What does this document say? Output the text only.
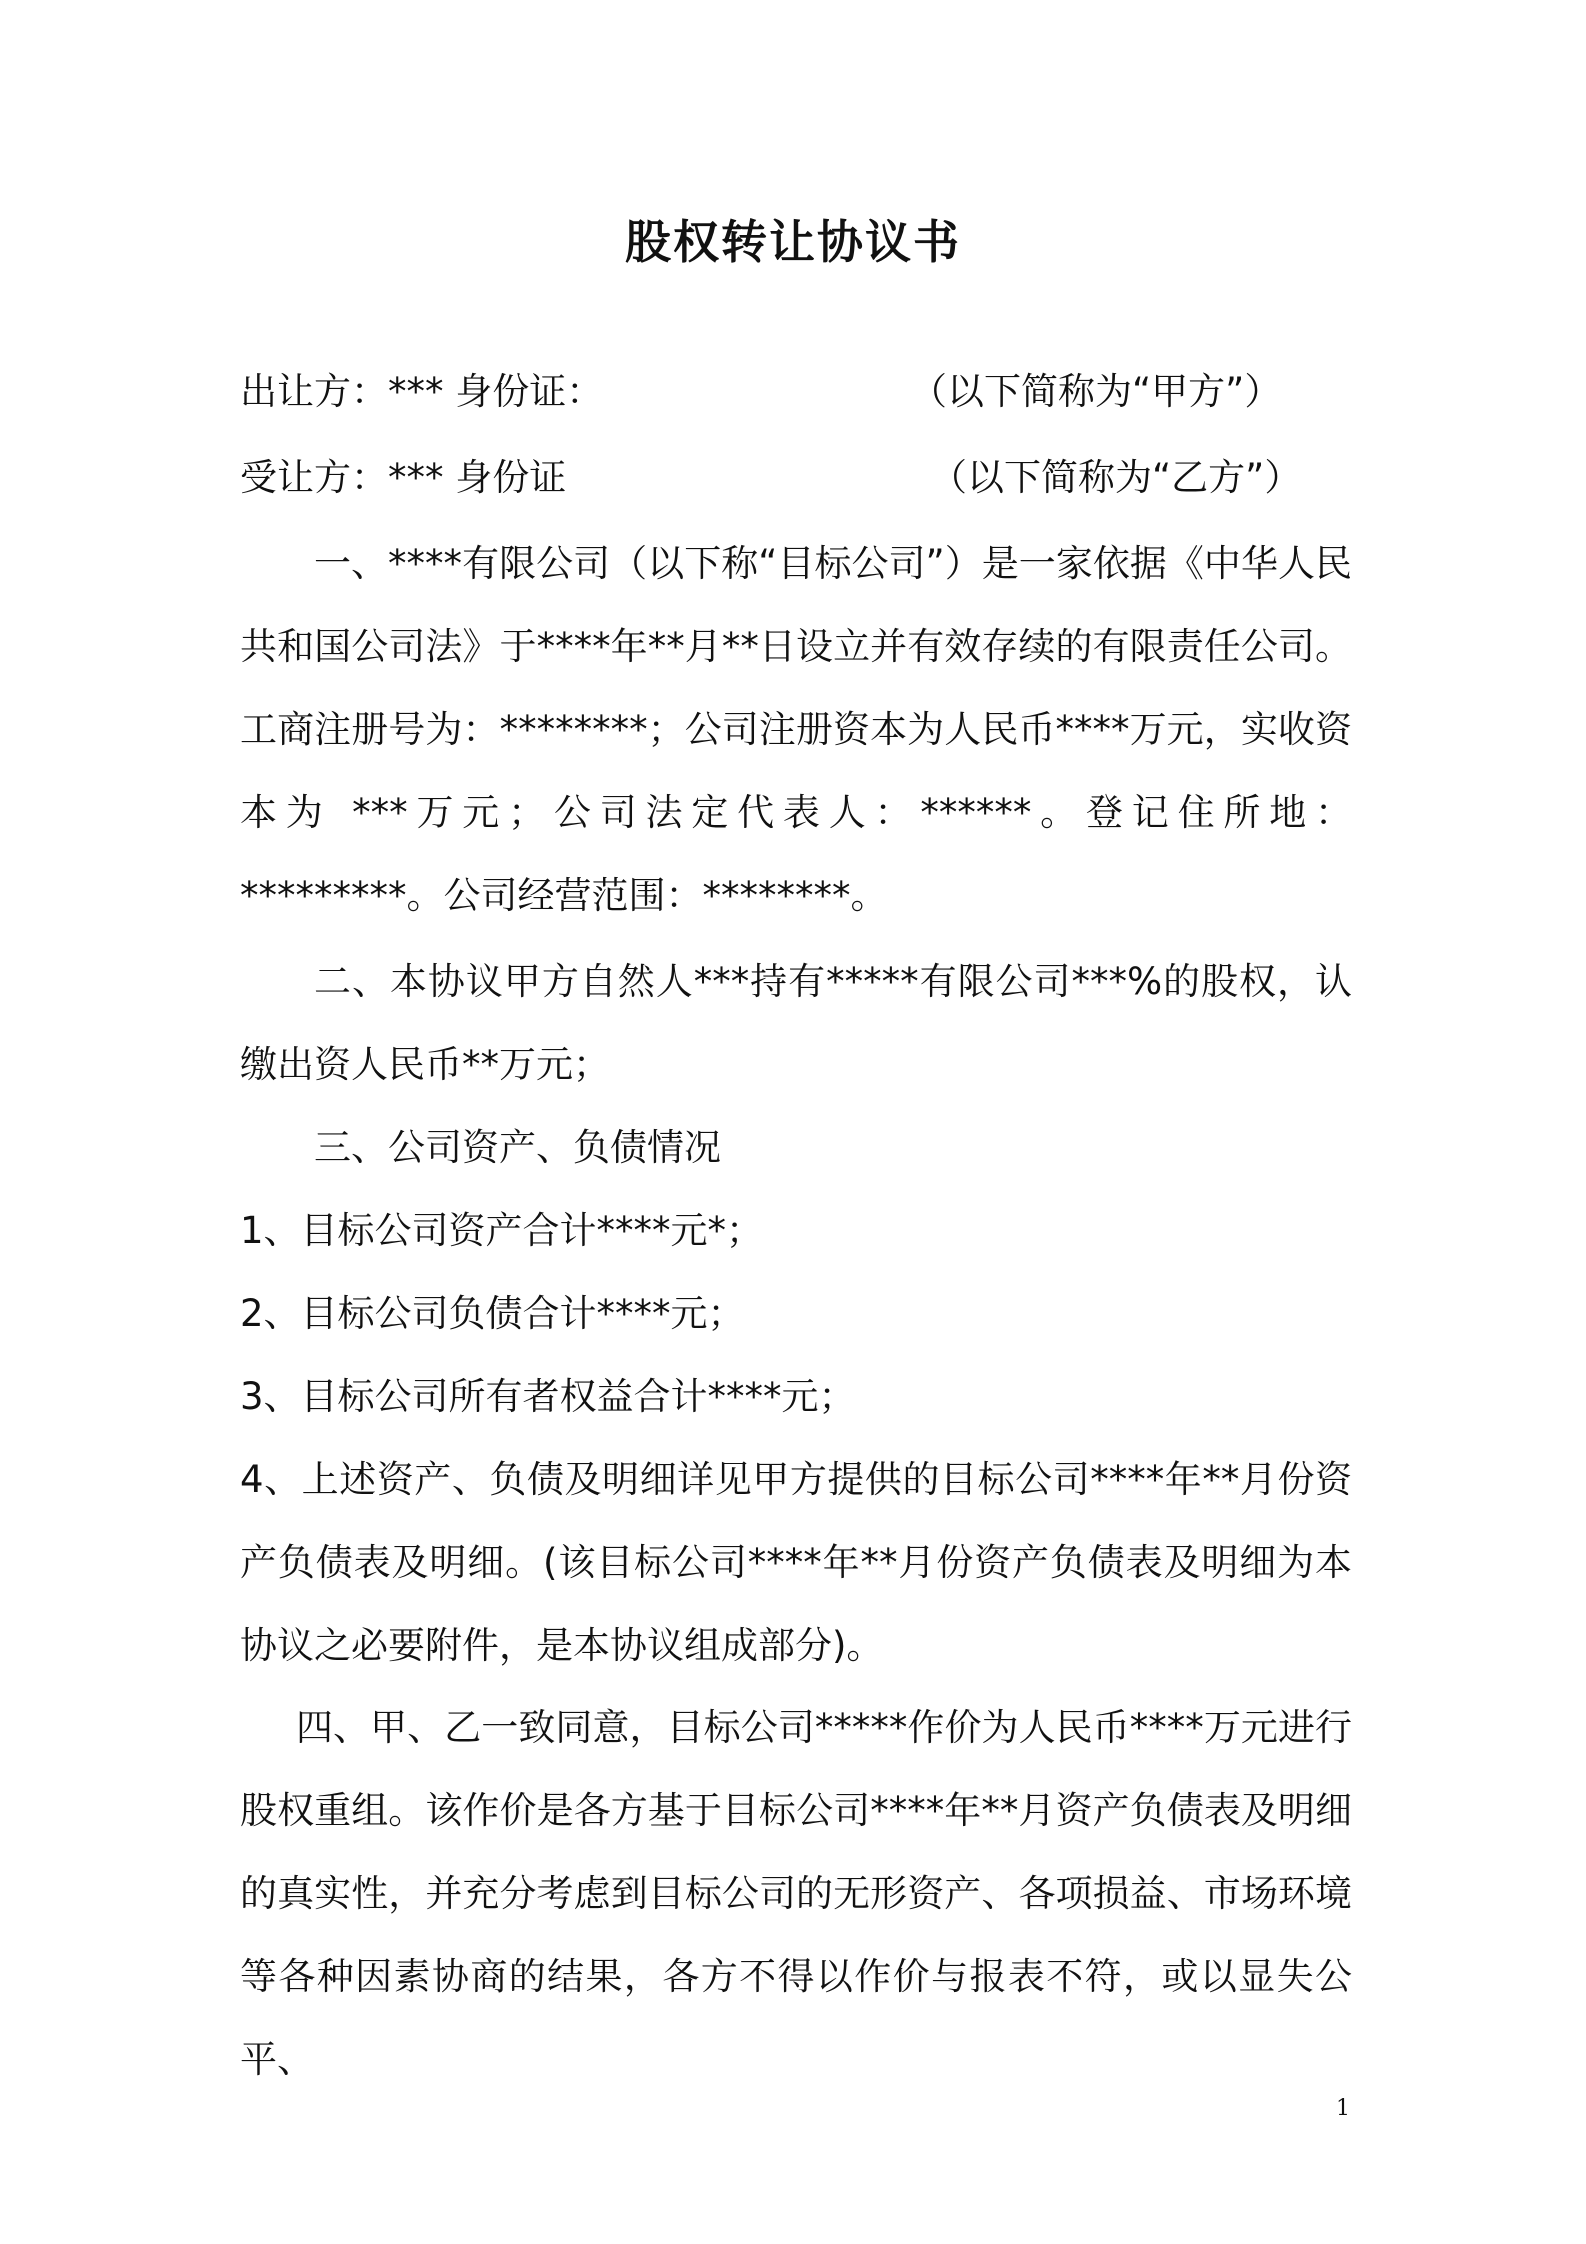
股权转让协议书
出让方：*** 身份证：	（以下简称为“甲方”）
受让方：*** 身份证	（以下简称为“乙方”）
一、****有限公司（以下称“目标公司”）是一家依据《中华人民共和国公司法》于****年**月**日设立并有效存续的有限责任公司。工商注册号为：********；公司注册资本为人民币****万元，实收资本为 ***万元；公司法定代表人：******。登记住所地：*********。公司经营范围：********。
二、本协议甲方自然人***持有*****有限公司***%的股权，认缴出资人民币**万元；
三、公司资产、负债情况
1、目标公司资产合计****元*；
2、目标公司负债合计****元；
3、目标公司所有者权益合计****元；
4、上述资产、负债及明细详见甲方提供的目标公司****年**月份资产负债表及明细。(该目标公司****年**月份资产负债表及明细为本协议之必要附件，是本协议组成部分)。
四、甲、乙一致同意，目标公司*****作价为人民币****万元进行股权重组。该作价是各方基于目标公司****年**月资产负债表及明细的真实性，并充分考虑到目标公司的无形资产、各项损益、市场环境等各种因素协商的结果，各方不得以作价与报表不符，或以显失公平、
1
